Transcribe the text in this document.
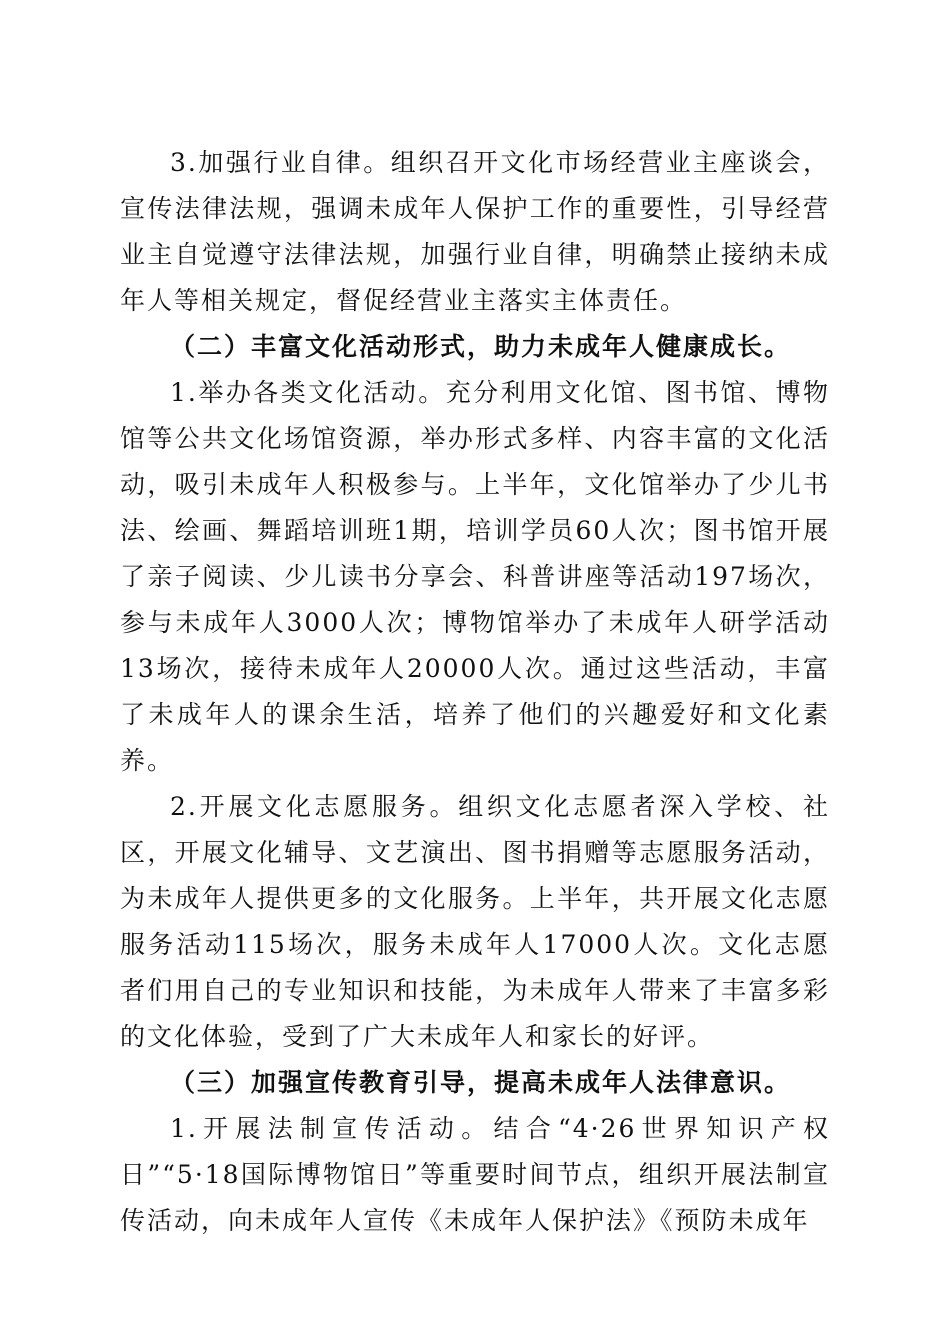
3.加强行业自律。组织召开文化市场经营业主座谈会，宣传法律法规，强调未成年人保护工作的重要性，引导经营业主自觉遵守法律法规，加强行业自律，明确禁止接纳未成年人等相关规定，督促经营业主落实主体责任。

（二）丰富文化活动形式，助力未成年人健康成长。

1.举办各类文化活动。充分利用文化馆、图书馆、博物馆等公共文化场馆资源，举办形式多样、内容丰富的文化活动，吸引未成年人积极参与。上半年，文化馆举办了少儿书法、绘画、舞蹈培训班1期，培训学员60人次；图书馆开展了亲子阅读、少儿读书分享会、科普讲座等活动197场次，参与未成年人3000人次；博物馆举办了未成年人研学活动13场次，接待未成年人20000人次。通过这些活动，丰富了未成年人的课余生活，培养了他们的兴趣爱好和文化素养。

2.开展文化志愿服务。组织文化志愿者深入学校、社区，开展文化辅导、文艺演出、图书捐赠等志愿服务活动，为未成年人提供更多的文化服务。上半年，共开展文化志愿服务活动115场次，服务未成年人17000人次。文化志愿者们用自己的专业知识和技能，为未成年人带来了丰富多彩的文化体验，受到了广大未成年人和家长的好评。

（三）加强宣传教育引导，提高未成年人法律意识。

1.开展法制宣传活动。结合“4·26世界知识产权日”“5·18国际博物馆日”等重要时间节点，组织开展法制宣传活动，向未成年人宣传《未成年人保护法》《预防未成年
